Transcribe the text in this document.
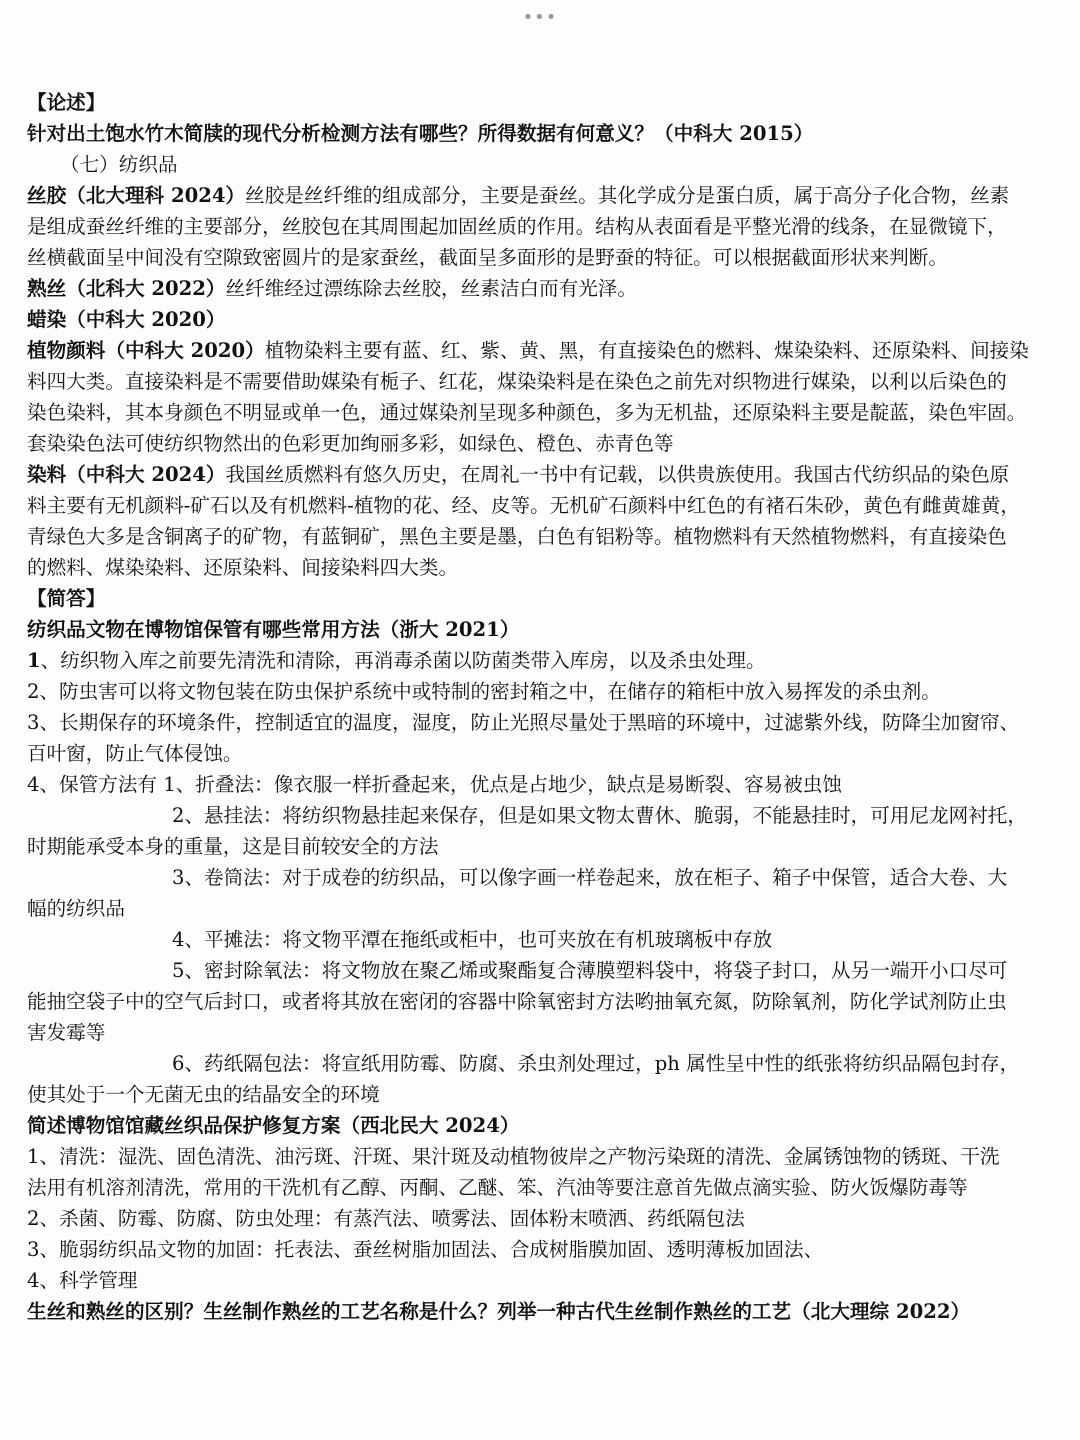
•••
【论述】
针对出土饱水竹木简牍的现代分析检测方法有哪些？所得数据有何意义？（中科大 2015）
（七）纺织品
丝胶（北大理科 2024）丝胶是丝纤维的组成部分，主要是蚕丝。其化学成分是蛋白质，属于高分子化合物，丝素
是组成蚕丝纤维的主要部分，丝胶包在其周围起加固丝质的作用。结构从表面看是平整光滑的线条，在显微镜下，
丝横截面呈中间没有空隙致密圆片的是家蚕丝，截面呈多面形的是野蚕的特征。可以根据截面形状来判断。
熟丝（北科大 2022）丝纤维经过漂练除去丝胶，丝素洁白而有光泽。
蜡染（中科大 2020）
植物颜料（中科大 2020）植物染料主要有蓝、红、紫、黄、黑，有直接染色的燃料、煤染染料、还原染料、间接染
料四大类。直接染料是不需要借助媒染有栀子、红花，煤染染料是在染色之前先对织物进行媒染，以利以后染色的
染色染料，其本身颜色不明显或单一色，通过媒染剂呈现多种颜色，多为无机盐，还原染料主要是靛蓝，染色牢固。
套染染色法可使纺织物然出的色彩更加绚丽多彩，如绿色、橙色、赤青色等
染料（中科大 2024）我国丝质燃料有悠久历史，在周礼一书中有记载，以供贵族使用。我国古代纺织品的染色原
料主要有无机颜料-矿石以及有机燃料-植物的花、经、皮等。无机矿石颜料中红色的有褚石朱砂，黄色有雌黄雄黄，
青绿色大多是含铜离子的矿物，有蓝铜矿，黑色主要是墨，白色有铝粉等。植物燃料有天然植物燃料，有直接染色
的燃料、煤染染料、还原染料、间接染料四大类。
【简答】
纺织品文物在博物馆保管有哪些常用方法（浙大 2021）
1、纺织物入库之前要先清洗和清除，再消毒杀菌以防菌类带入库房，以及杀虫处理。
2、防虫害可以将文物包装在防虫保护系统中或特制的密封箱之中，在储存的箱柜中放入易挥发的杀虫剂。
3、长期保存的环境条件，控制适宜的温度，湿度，防止光照尽量处于黑暗的环境中，过滤紫外线，防降尘加窗帘、
百叶窗，防止气体侵蚀。
4、保管方法有 1、折叠法：像衣服一样折叠起来，优点是占地少，缺点是易断裂、容易被虫蚀
2、悬挂法：将纺织物悬挂起来保存，但是如果文物太曹休、脆弱，不能悬挂时，可用尼龙网衬托，
时期能承受本身的重量，这是目前较安全的方法
3、卷筒法：对于成卷的纺织品，可以像字画一样卷起来，放在柜子、箱子中保管，适合大卷、大
幅的纺织品
4、平摊法：将文物平潭在拖纸或柜中，也可夹放在有机玻璃板中存放
5、密封除氧法：将文物放在聚乙烯或聚酯复合薄膜塑料袋中，将袋子封口，从另一端开小口尽可
能抽空袋子中的空气后封口，或者将其放在密闭的容器中除氧密封方法哟抽氧充氮，防除氧剂，防化学试剂防止虫
害发霉等
6、药纸隔包法：将宣纸用防霉、防腐、杀虫剂处理过，ph 属性呈中性的纸张将纺织品隔包封存，
使其处于一个无菌无虫的结晶安全的环境
简述博物馆馆藏丝织品保护修复方案（西北民大 2024）
1、清洗：湿洗、固色清洗、油污斑、汗斑、果汁斑及动植物彼岸之产物污染斑的清洗、金属锈蚀物的锈斑、干洗
法用有机溶剂清洗，常用的干洗机有乙醇、丙酮、乙醚、笨、汽油等要注意首先做点滴实验、防火饭爆防毒等
2、杀菌、防霉、防腐、防虫处理：有蒸汽法、喷雾法、固体粉末喷洒、药纸隔包法
3、脆弱纺织品文物的加固：托表法、蚕丝树脂加固法、合成树脂膜加固、透明薄板加固法、
4、科学管理
生丝和熟丝的区别？生丝制作熟丝的工艺名称是什么？列举一种古代生丝制作熟丝的工艺（北大理综 2022）
